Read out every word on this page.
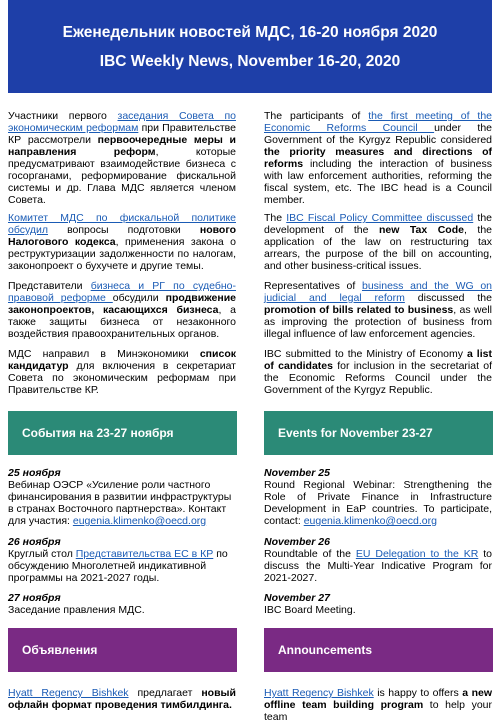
Еженедельник новостей МДС, 16-20 ноября 2020
IBC Weekly News, November 16-20, 2020

Участники первого заседания Совета по экономическим реформам при Правительстве КР рассмотрели первоочередные меры и направления реформ, которые предусматривают взаимодействие бизнеса с госорганами, реформирование фискальной системы и др. Глава МДС является членом Совета.

Комитет МДС по фискальной политике обсудил вопросы подготовки нового Налогового кодекса, применения закона о реструктуризации задолженности по налогам, законопроект о бухучете и другие темы.

Представители бизнеса и РГ по судебно-правовой реформе обсудили продвижение законопроектов, касающихся бизнеса, а также защиты бизнеса от незаконного воздействия правоохранительных органов.

МДС направил в Минэкономики список кандидатур для включения в секретариат Совета по экономическим реформам при Правительстве КР.

The participants of the first meeting of the Economic Reforms Council under the Government of the Kyrgyz Republic considered the priority measures and directions of reforms including the interaction of business with law enforcement authorities, reforming the fiscal system, etc. The IBC head is a Council member.

The IBC Fiscal Policy Committee discussed the development of the new Tax Code, the application of the law on restructuring tax arrears, the purpose of the bill on accounting, and other business-critical issues.

Representatives of business and the WG on judicial and legal reform discussed the promotion of bills related to business, as well as improving the protection of business from illegal influence of law enforcement agencies.

IBC submitted to the Ministry of Economy a list of candidates for inclusion in the secretariat of the Economic Reforms Council under the Government of the Kyrgyz Republic.

События на 23-27 ноября	Events for November 23-27

25 ноября

Вебинар ОЭСР «Усиление роли частного финансирования в развитии инфраструктуры в странах Восточного партнерства». Контакт для участия: eugenia.klimenko@oecd.org

26 ноября

Круглый стол Представительства ЕС в КР по обсуждению Многолетней индикативной программы на 2021-2027 годы.

27 ноября

Заседание правления МДС.

November 25

Round Regional Webinar: Strengthening the Role of Private Finance in Infrastructure Development in EaP countries. To participate, contact: eugenia.klimenko@oecd.org

November 26

Roundtable of the EU Delegation to the KR to discuss the Multi-Year Indicative Program for 2021-2027.

November 27

IBC Board Meeting.

Объявления	Announcements

Hyatt Regency Bishkek предлагает новый офлайн формат проведения тимбилдинга.

Hyatt Regency Bishkek is happy to offers a new offline team building program to help your team
